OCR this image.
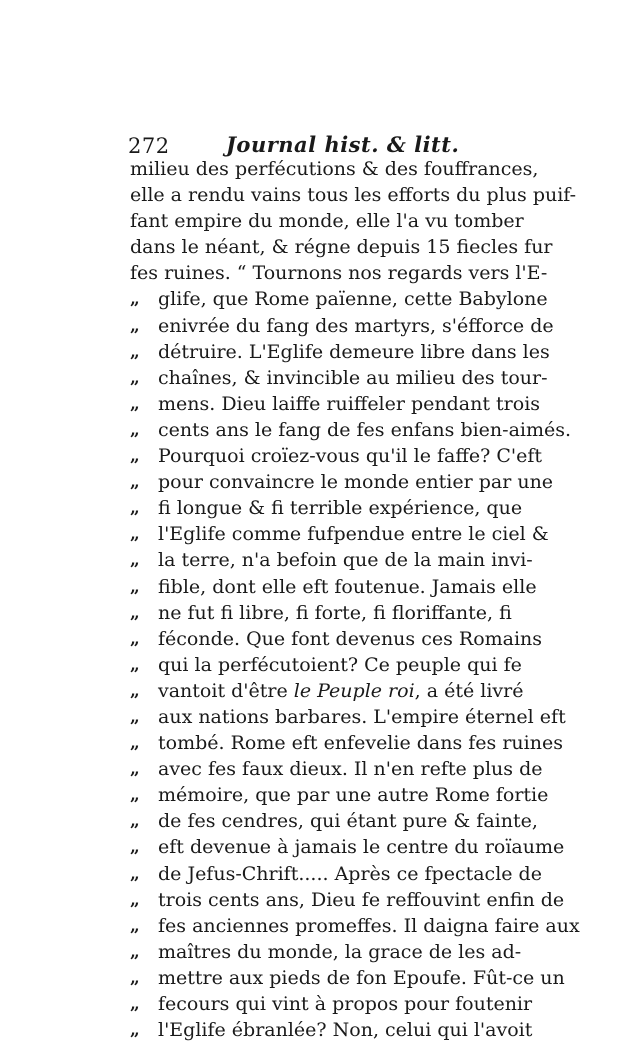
272	Journal hist. & litt.
milieu des perfécutions & des fouffrances,
elle a rendu vains tous les efforts du plus puif-
fant empire du monde, elle l'a vu tomber
dans le néant, & régne depuis 15 fiecles fur
fes ruines. “ Tournons nos regards vers l'E-
„ glife, que Rome païenne, cette Babylone
„ enivrée du fang des martyrs, s'éfforce de
„ détruire. L'Eglife demeure libre dans les
„ chaînes, & invincible au milieu des tour-
„ mens. Dieu laiffe ruiffeler pendant trois
„ cents ans le fang de fes enfans bien-aimés.
„ Pourquoi croïez-vous qu'il le faffe? C'eft
„ pour convaincre le monde entier par une
„ fi longue & fi terrible expérience, que
„ l'Eglife comme fufpendue entre le ciel &
„ la terre, n'a befoin que de la main invi-
„ fible, dont elle eft foutenue. Jamais elle
„ ne fut fi libre, fi forte, fi floriffante, fi
„ féconde. Que font devenus ces Romains
„ qui la perfécutoient? Ce peuple qui fe
„ vantoit d'être le Peuple roi, a été livré
„ aux nations barbares. L'empire éternel eft
„ tombé. Rome eft enfevelie dans fes ruines
„ avec fes faux dieux. Il n'en refte plus de
„ mémoire, que par une autre Rome fortie
„ de fes cendres, qui étant pure & fainte,
„ eft devenue à jamais le centre du roïaume
„ de Jefus-Chrift..... Après ce fpectacle de
„ trois cents ans, Dieu fe reffouvint enfin de
„ fes anciennes promeffes. Il daigna faire aux
„ maîtres du monde, la grace de les ad-
„ mettre aux pieds de fon Epoufe. Fût-ce un
„ fecours qui vint à propos pour foutenir
„ l'Eglife ébranlée? Non, celui qui l'avoit
